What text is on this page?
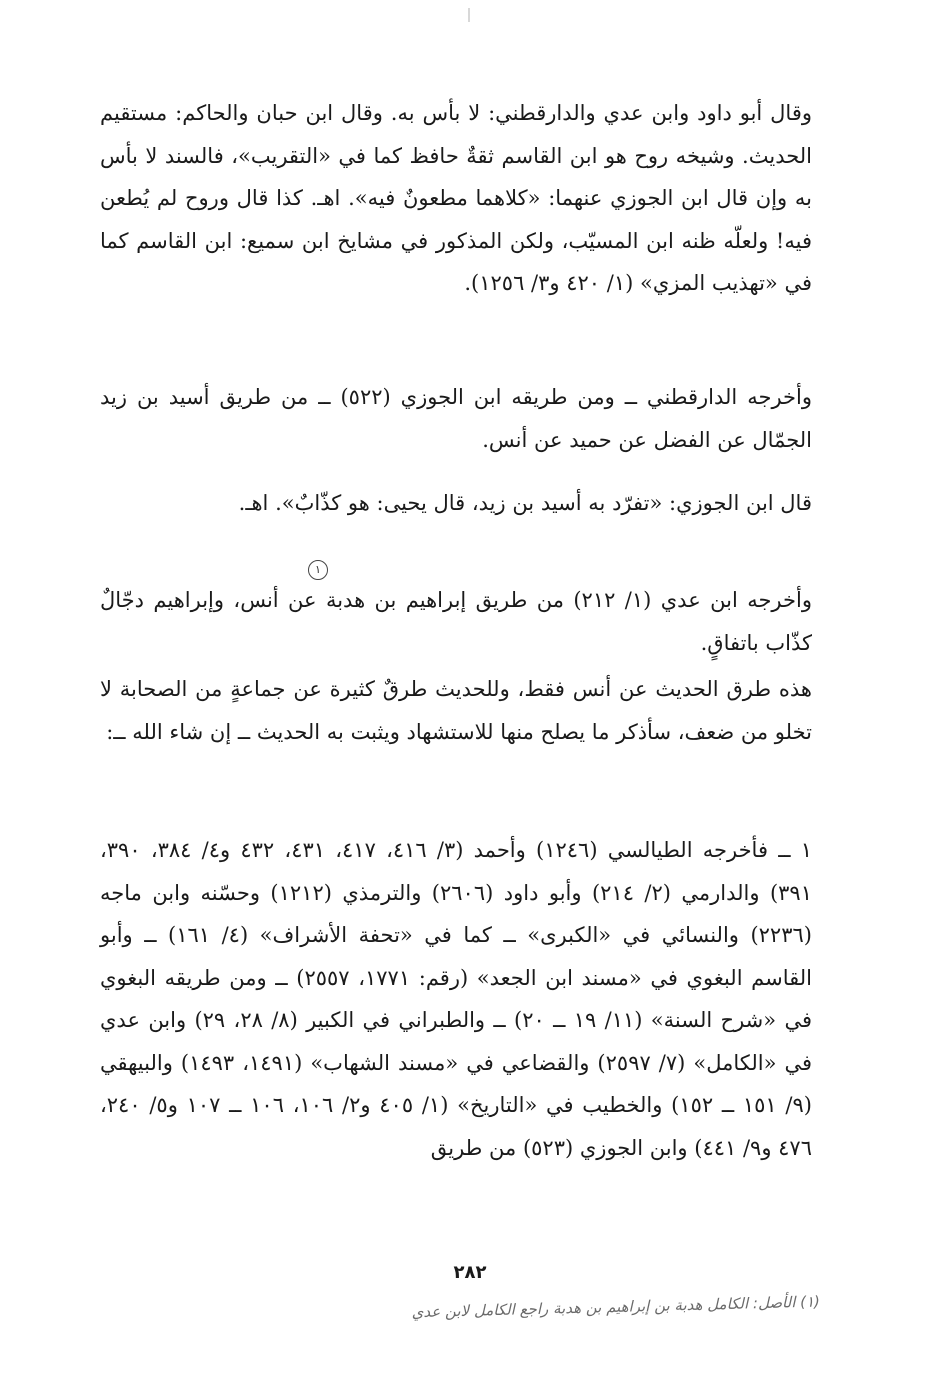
وقال أبو داود وابن عدي والدارقطني: لا بأس به. وقال ابن حبان والحاكم: مستقيم الحديث. وشيخه روح هو ابن القاسم ثقةٌ حافظ كما في «التقريب»، فالسند لا بأس به وإن قال ابن الجوزي عنهما: «كلاهما مطعونٌ فيه». اهـ. كذا قال وروح لم يُطعن فيه! ولعلّه ظنه ابن المسيّب، ولكن المذكور في مشايخ ابن سميع: ابن القاسم كما في «تهذيب المزي» (١/ ٤٢٠ و٣/ ١٢٥٦).

وأخرجه الدارقطني ــ ومن طريقه ابن الجوزي (٥٢٢) ــ من طريق أسيد بن زيد الجمّال عن الفضل عن حميد عن أنس.

قال ابن الجوزي: «تفرّد به أسيد بن زيد، قال يحيى: هو كذّابٌ». اهـ.

وأخرجه ابن عدي (١/ ٢١٢) من طريق إبراهيم بن هدبة عن أنس، وإبراهيم دجّالٌ كذّاب باتفاقٍ.

هذه طرق الحديث عن أنس فقط، وللحديث طرقٌ كثيرة عن جماعةٍ من الصحابة لا تخلو من ضعف، سأذكر ما يصلح منها للاستشهاد ويثبت به الحديث ــ إن شاء الله ــ:

١ ــ فأخرجه الطيالسي (١٢٤٦) وأحمد (٣/ ٤١٦، ٤١٧، ٤٣١، ٤٣٢ و٤/ ٣٨٤، ٣٩٠، ٣٩١) والدارمي (٢/ ٢١٤) وأبو داود (٢٦٠٦) والترمذي (١٢١٢) وحسّنه وابن ماجه (٢٢٣٦) والنسائي في «الكبرى» ــ كما في «تحفة الأشراف» (٤/ ١٦١) ــ وأبو القاسم البغوي في «مسند ابن الجعد» (رقم: ١٧٧١، ٢٥٥٧) ــ ومن طريقه البغوي في «شرح السنة» (١١/ ١٩ ــ ٢٠) ــ والطبراني في الكبير (٨/ ٢٨، ٢٩) وابن عدي في «الكامل» (٧/ ٢٥٩٧) والقضاعي في «مسند الشهاب» (١٤٩١، ١٤٩٣) والبيهقي (٩/ ١٥١ ــ ١٥٢) والخطيب في «التاريخ» (١/ ٤٠٥ و٢/ ١٠٦، ١٠٦ ــ ١٠٧ و٥/ ٢٤٠، ٤٧٦ و٩/ ٤٤١) وابن الجوزي (٥٢٣) من طريق

١
٢٨٢
(١) الأصل: الكامل هدبة بن إبراهيم بن هدبة راجع الكامل لابن عدي
